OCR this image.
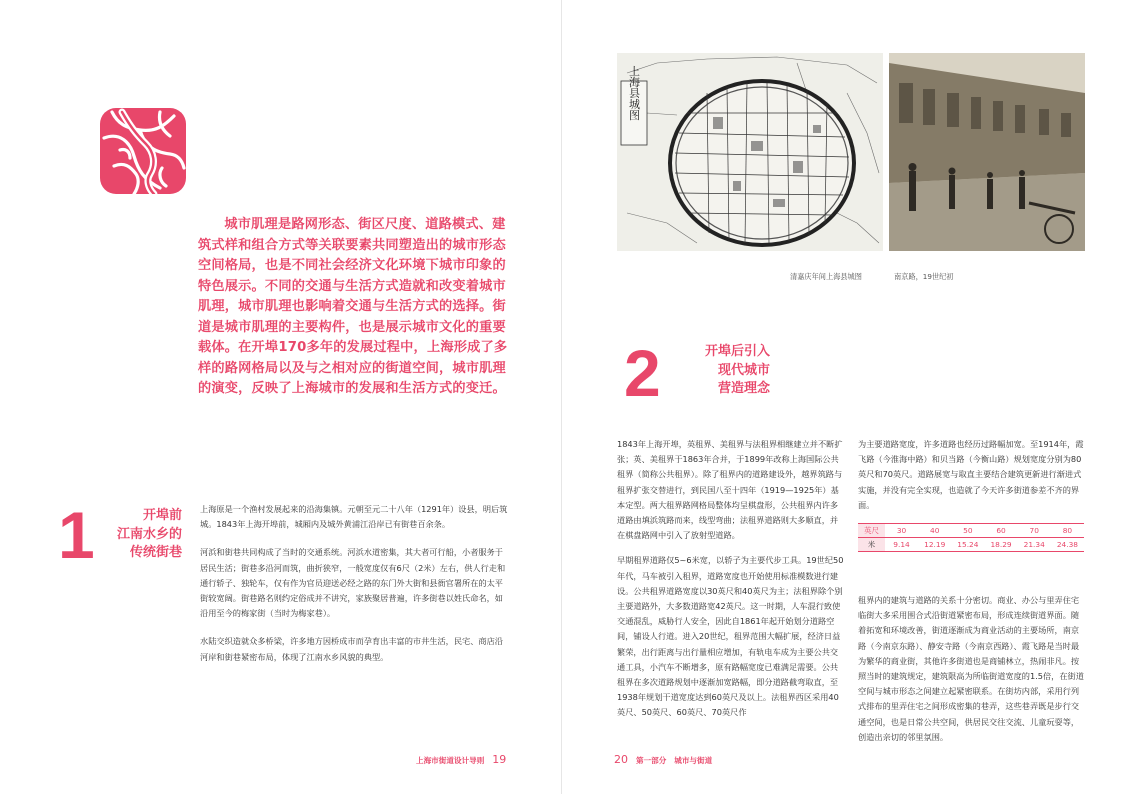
城市肌理是路网形态、街区尺度、道路模式、建筑式样和组合方式等关联要素共同塑造出的城市形态空间格局，也是不同社会经济文化环境下城市印象的特色展示。不同的交通与生活方式造就和改变着城市肌理，城市肌理也影响着交通与生活方式的选择。街道是城市肌理的主要构件，也是展示城市文化的重要载体。在开埠170多年的发展过程中，上海形成了多样的路网格局以及与之相对应的街道空间，城市肌理的演变，反映了上海城市的发展和生活方式的变迁。

1	开埠前
江南水乡的
传统街巷

上海原是一个渔村发展起来的沿海集镇。元朝至元二十八年（1291年）设县，明后筑城。1843年上海开埠前，城厢内及城外黄浦江沿岸已有街巷百余条。

河浜和街巷共同构成了当时的交通系统。河浜水道密集，其大者可行船，小者服务于居民生活；街巷多沿河而筑，曲折狭窄，一般宽度仅有6尺（2米）左右，供人行走和通行轿子、独轮车，仅有作为官员迎送必经之路的东门外大街和县衙官署所在的太平街较宽阔。街巷路名则约定俗成并不讲究，家族聚居普遍，许多街巷以姓氏命名，如沿用至今的梅家街（当时为梅家巷）。

水陆交织造就众多桥梁，许多地方因桥成市而孕育出丰富的市井生活，民宅、商店沿河岸和街巷紧密布局，体现了江南水乡风貌的典型。

上海县城图
清嘉庆年间上海县城图	南京路，19世纪初
2	开埠后引入
现代城市
营造理念

1843年上海开埠，英租界、美租界与法租界相继建立并不断扩张；英、美租界于1863年合并，于1899年改称上海国际公共租界（简称公共租界）。除了租界内的道路建设外，越界筑路与租界扩张交替进行，到民国八至十四年（1919—1925年）基本定型。两大租界路网格局整体均呈棋盘形，公共租界内许多道路由填浜筑路而来，线型弯曲；法租界道路则大多顺直，并在棋盘路网中引入了放射型道路。

早期租界道路仅5~6米宽，以轿子为主要代步工具。19世纪50年代，马车被引入租界，道路宽度也开始使用标准模数进行建设。公共租界道路宽度以30英尺和40英尺为主；法租界除个别主要道路外，大多数道路宽42英尺。这一时期，人车混行致使交通混乱，威胁行人安全，因此自1861年起开始划分道路空间，铺设人行道。进入20世纪，租界范围大幅扩展，经济日益繁荣，出行距离与出行量相应增加，有轨电车成为主要公共交通工具，小汽车不断增多，原有路幅宽度已难满足需要。公共租界在多次道路规划中逐渐加宽路幅，即分道路截弯取直，至1938年规划干道宽度达到60英尺及以上。法租界西区采用40英尺、50英尺、60英尺、70英尺作

为主要道路宽度，许多道路也经历过路幅加宽。至1914年，霞飞路（今淮海中路）和贝当路（今衡山路）规划宽度分别为80英尺和70英尺。道路展宽与取直主要结合建筑更新进行渐进式实施，并没有完全实现，也造就了今天许多街道参差不齐的界面。

租界内的建筑与道路的关系十分密切。商业、办公与里弄住宅临街大多采用围合式沿街道紧密布局，形成连续街道界面。随着拓宽和环境改善，街道逐渐成为商业活动的主要场所，南京路（今南京东路）、静安寺路（今南京西路）、霞飞路是当时最为繁华的商业街，其他许多街道也是商铺林立，热闹非凡。按照当时的建筑规定，建筑限高为所临街道宽度的1.5倍，在街道空间与城市形态之间建立起紧密联系。在街坊内部，采用行列式排布的里弄住宅之间形成密集的巷弄，这些巷弄既是步行交通空间，也是日常公共空间，供居民交往交流、儿童玩耍等，创造出亲切的邻里氛围。

英尺	30	40	50	60	70	80
米	9.14	12.19	15.24	18.29	21.34	24.38
上海市街道设计导则 19	20 第一部分 城市与街道
